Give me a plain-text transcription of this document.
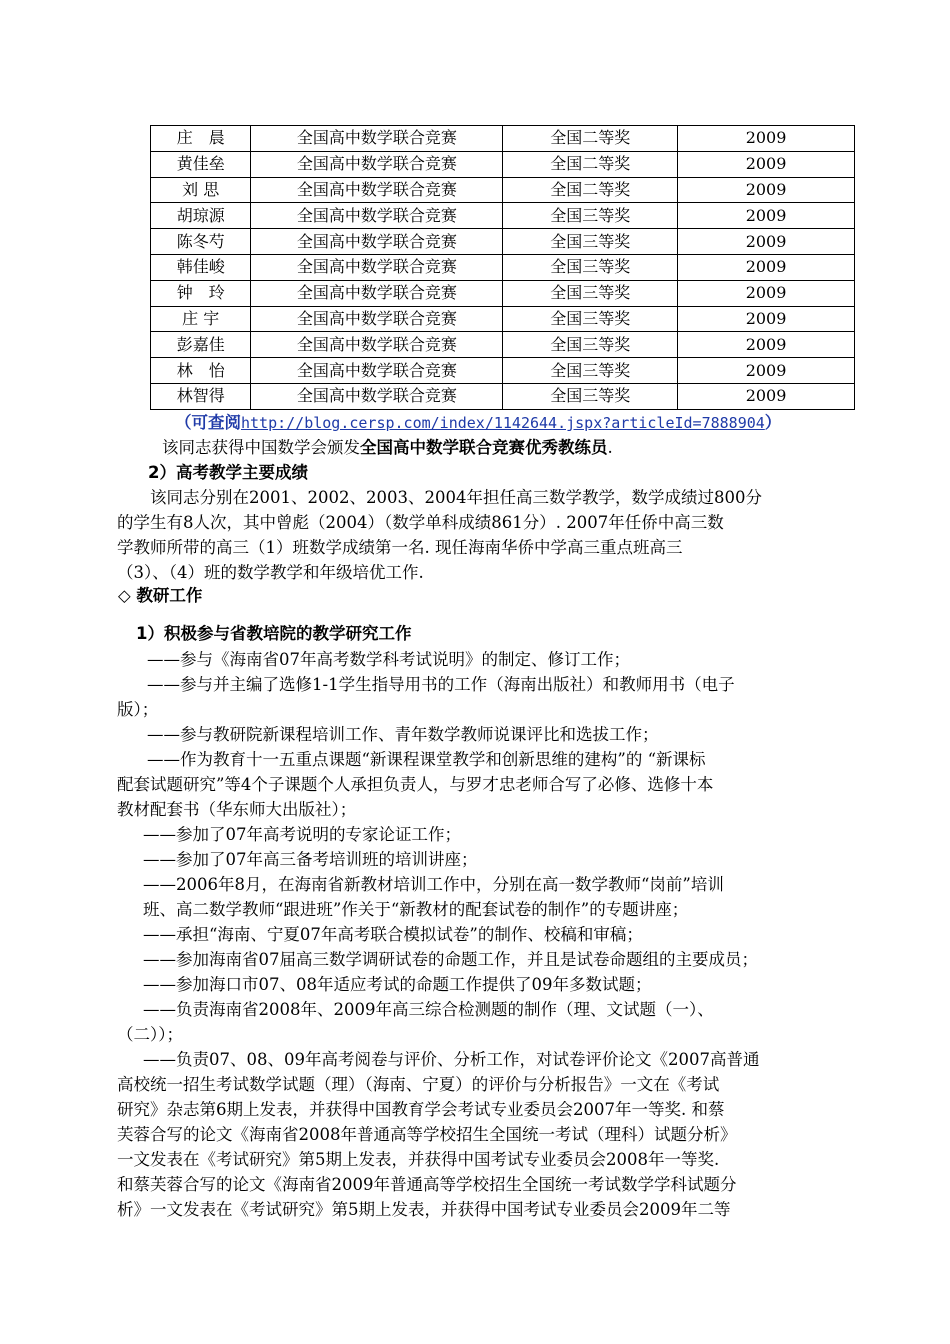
庄　晨	全国高中数学联合竞赛	全国二等奖	2009
黄佳垒	全国高中数学联合竞赛	全国二等奖	2009
刘 思	全国高中数学联合竞赛	全国二等奖	2009
胡琼源	全国高中数学联合竞赛	全国三等奖	2009
陈冬芍	全国高中数学联合竞赛	全国三等奖	2009
韩佳峻	全国高中数学联合竞赛	全国三等奖	2009
钟　玲	全国高中数学联合竞赛	全国三等奖	2009
庄 宇	全国高中数学联合竞赛	全国三等奖	2009
彭嘉佳	全国高中数学联合竞赛	全国三等奖	2009
林　怡	全国高中数学联合竞赛	全国三等奖	2009
林智得	全国高中数学联合竞赛	全国三等奖	2009
（可查阅http://blog.cersp.com/index/1142644.jspx?articleId=7888904）
该同志获得中国数学会颁发全国高中数学联合竞赛优秀教练员.
2）高考教学主要成绩
该同志分别在2001、2002、2003、2004年担任高三数学教学，数学成绩过800分
的学生有8人次，其中曾彪（2004）（数学单科成绩861分）. 2007年任侨中高三数
学教师所带的高三（1）班数学成绩第一名. 现任海南华侨中学高三重点班高三
（3）、（4）班的数学教学和年级培优工作.
◇ 教研工作
1）积极参与省教培院的教学研究工作
——参与《海南省07年高考数学科考试说明》的制定、修订工作；
——参与并主编了选修1-1学生指导用书的工作（海南出版社）和教师用书（电子
版）；
——参与教研院新课程培训工作、青年数学教师说课评比和选拔工作；
——作为教育十一五重点课题“新课程课堂教学和创新思维的建构”的 “新课标
配套试题研究”等4个子课题个人承担负责人，与罗才忠老师合写了必修、选修十本
教材配套书（华东师大出版社）；
——参加了07年高考说明的专家论证工作；
——参加了07年高三备考培训班的培训讲座；
——2006年8月，在海南省新教材培训工作中，分别在高一数学教师“岗前”培训
班、高二数学教师“跟进班”作关于“新教材的配套试卷的制作”的专题讲座；
——承担“海南、宁夏07年高考联合模拟试卷”的制作、校稿和审稿；
——参加海南省07届高三数学调研试卷的命题工作，并且是试卷命题组的主要成员；
——参加海口市07、08年适应考试的命题工作提供了09年多数试题；
——负责海南省2008年、2009年高三综合检测题的制作（理、文试题（一）、
（二））；
——负责07、08、09年高考阅卷与评价、分析工作，对试卷评价论文《2007高普通
高校统一招生考试数学试题（理）（海南、宁夏）的评价与分析报告》一文在《考试
研究》杂志第6期上发表，并获得中国教育学会考试专业委员会2007年一等奖. 和蔡
芙蓉合写的论文《海南省2008年普通高等学校招生全国统一考试（理科）试题分析》
一文发表在《考试研究》第5期上发表，并获得中国考试专业委员会2008年一等奖.
和蔡芙蓉合写的论文《海南省2009年普通高等学校招生全国统一考试数学学科试题分
析》一文发表在《考试研究》第5期上发表，并获得中国考试专业委员会2009年二等
